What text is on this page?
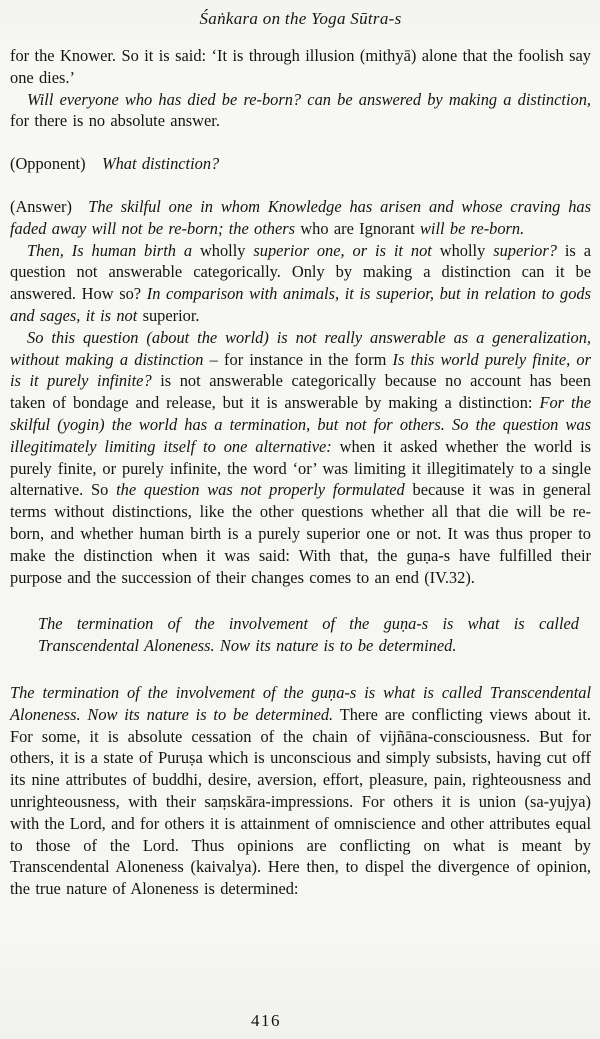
Śaṅkara on the Yoga Sūtra-s

for the Knower. So it is said: ‘It is through illusion (mithyā) alone that the foolish say one dies.’

Will everyone who has died be re-born? can be answered by making a distinction, for there is no absolute answer.

(Opponent) What distinction?

(Answer) The skilful one in whom Knowledge has arisen and whose craving has faded away will not be re-born; the others who are Ignorant will be re-born.

Then, Is human birth a wholly superior one, or is it not wholly superior? is a question not answerable categorically. Only by making a distinction can it be answered. How so? In comparison with animals, it is superior, but in relation to gods and sages, it is not superior.

So this question (about the world) is not really answerable as a generalization, without making a distinction – for instance in the form Is this world purely finite, or is it purely infinite? is not answerable categorically because no account has been taken of bondage and release, but it is answerable by making a distinction: For the skilful (yogin) the world has a termination, but not for others. So the question was illegitimately limiting itself to one alternative: when it asked whether the world is purely finite, or purely infinite, the word ‘or’ was limiting it illegitimately to a single alternative. So the question was not properly formulated because it was in general terms without distinctions, like the other questions whether all that die will be re-born, and whether human birth is a purely superior one or not. It was thus proper to make the distinction when it was said: With that, the guṇa-s have fulfilled their purpose and the succession of their changes comes to an end (IV.32).

The termination of the involvement of the guṇa-s is what is called Transcendental Aloneness. Now its nature is to be determined.

The termination of the involvement of the guṇa-s is what is called Transcendental Aloneness. Now its nature is to be determined. There are conflicting views about it. For some, it is absolute cessation of the chain of vijñāna-consciousness. But for others, it is a state of Puruṣa which is unconscious and simply subsists, having cut off its nine attributes of buddhi, desire, aversion, effort, pleasure, pain, righteousness and unrighteousness, with their saṃskāra-impressions. For others it is union (sa-yujya) with the Lord, and for others it is attainment of omniscience and other attributes equal to those of the Lord. Thus opinions are conflicting on what is meant by Transcendental Aloneness (kaivalya). Here then, to dispel the divergence of opinion, the true nature of Aloneness is determined:

416
